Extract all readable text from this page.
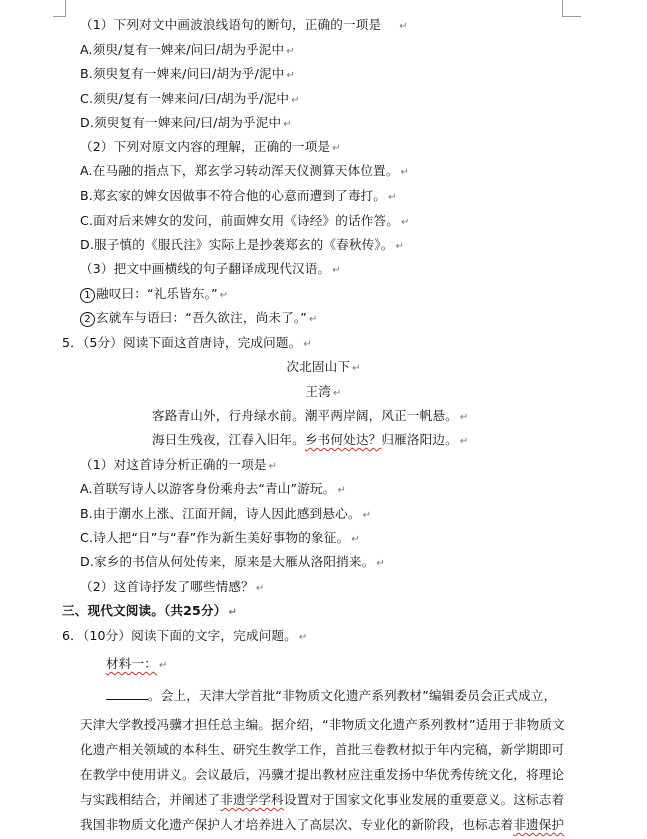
（1）下列对文中画波浪线语句的断句，正确的一项是 ↵
A.须臾/复有一婢来/问曰/胡为乎泥中 ↵
B.须臾复有一婢来/问曰/胡为乎/泥中 ↵
C.须臾/复有一婢来问/曰/胡为乎/泥中 ↵
D.须臾复有一婢来问/曰/胡为乎泥中 ↵
（2）下列对原文内容的理解，正确的一项是 ↵
A.在马融的指点下，郑玄学习转动浑天仪测算天体位置。 ↵
B.郑玄家的婢女因做事不符合他的心意而遭到了毒打。 ↵
C.面对后来婢女的发问，前面婢女用《诗经》的话作答。 ↵
D.服子慎的《服氏注》实际上是抄袭郑玄的《春秋传》。 ↵
（3）把文中画横线的句子翻译成现代汉语。 ↵
1 融叹曰：“礼乐皆东。” ↵
2 玄就车与语曰：“吾久欲注，尚未了。” ↵
5．（5分）阅读下面这首唐诗，完成问题。 ↵
次北固山下 ↵
王湾 ↵
客路青山外，行舟绿水前。潮平两岸阔，风正一帆悬。 ↵
海日生残夜，江春入旧年。乡书何处达？归雁洛阳边。 ↵
（1）对这首诗分析正确的一项是 ↵
A.首联写诗人以游客身份乘舟去“青山”游玩。 ↵
B.由于潮水上涨、江面开阔，诗人因此感到悬心。 ↵
C.诗人把“日”与“春”作为新生美好事物的象征。 ↵
D.家乡的书信从何处传来，原来是大雁从洛阳捎来。 ↵
（2）这首诗抒发了哪些情感？ ↵
三、现代文阅读。（共25分） ↵
6．（10分）阅读下面的文字，完成问题。 ↵
材料一： ↵
。会上，天津大学首批“非物质文化遗产系列教材”编辑委员会正式成立，
天津大学教授冯骥才担任总主编。据介绍，“非物质文化遗产系列教材”适用于非物质文
化遗产相关领域的本科生、研究生教学工作，首批三卷教材拟于年内完稿，新学期即可
在教学中使用讲义。会议最后，冯骥才提出教材应注重发扬中华优秀传统文化，将理论
与实践相结合，并阐述了非遗学学科设置对于国家文化事业发展的重要意义。这标志着
我国非物质文化遗产保护人才培养进入了高层次、专业化的新阶段，也标志着非遗保护
